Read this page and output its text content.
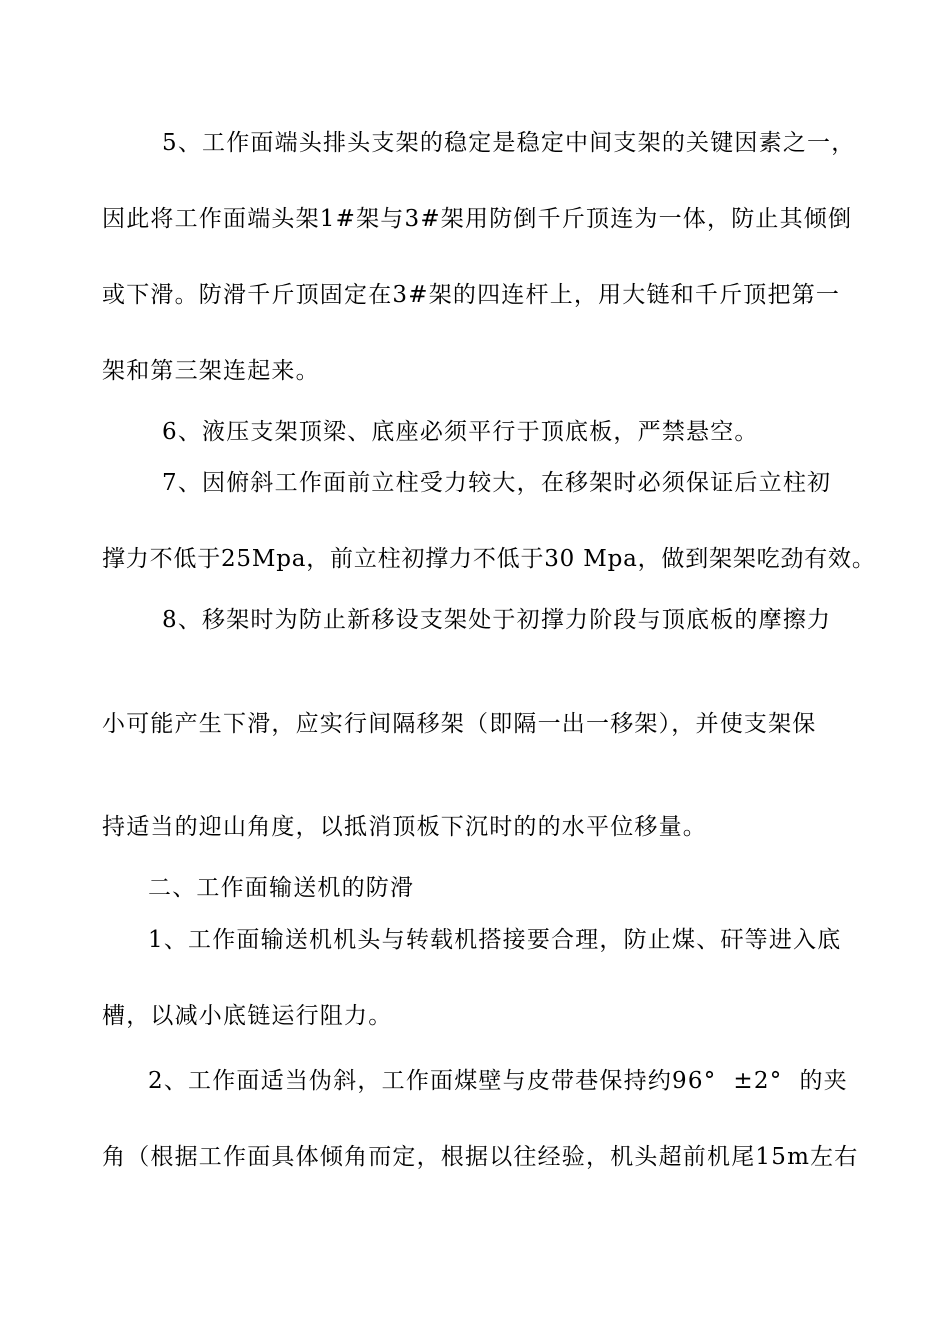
5、工作面端头排头支架的稳定是稳定中间支架的关键因素之一，
因此将工作面端头架1#架与3#架用防倒千斤顶连为一体，防止其倾倒
或下滑。防滑千斤顶固定在3#架的四连杆上，用大链和千斤顶把第一
架和第三架连起来。
6、液压支架顶梁、底座必须平行于顶底板，严禁悬空。
7、因俯斜工作面前立柱受力较大，在移架时必须保证后立柱初
撑力不低于25Mpa，前立柱初撑力不低于30 Mpa，做到架架吃劲有效。
8、移架时为防止新移设支架处于初撑力阶段与顶底板的摩擦力
小可能产生下滑，应实行间隔移架（即隔一出一移架），并使支架保
持适当的迎山角度，以抵消顶板下沉时的的水平位移量。
二、工作面输送机的防滑
1、工作面输送机机头与转载机搭接要合理，防止煤、矸等进入底
槽，以减小底链运行阻力。
2、工作面适当伪斜，工作面煤壁与皮带巷保持约96°  ±2°  的夹
角（根据工作面具体倾角而定，根据以往经验，机头超前机尾15m左右
